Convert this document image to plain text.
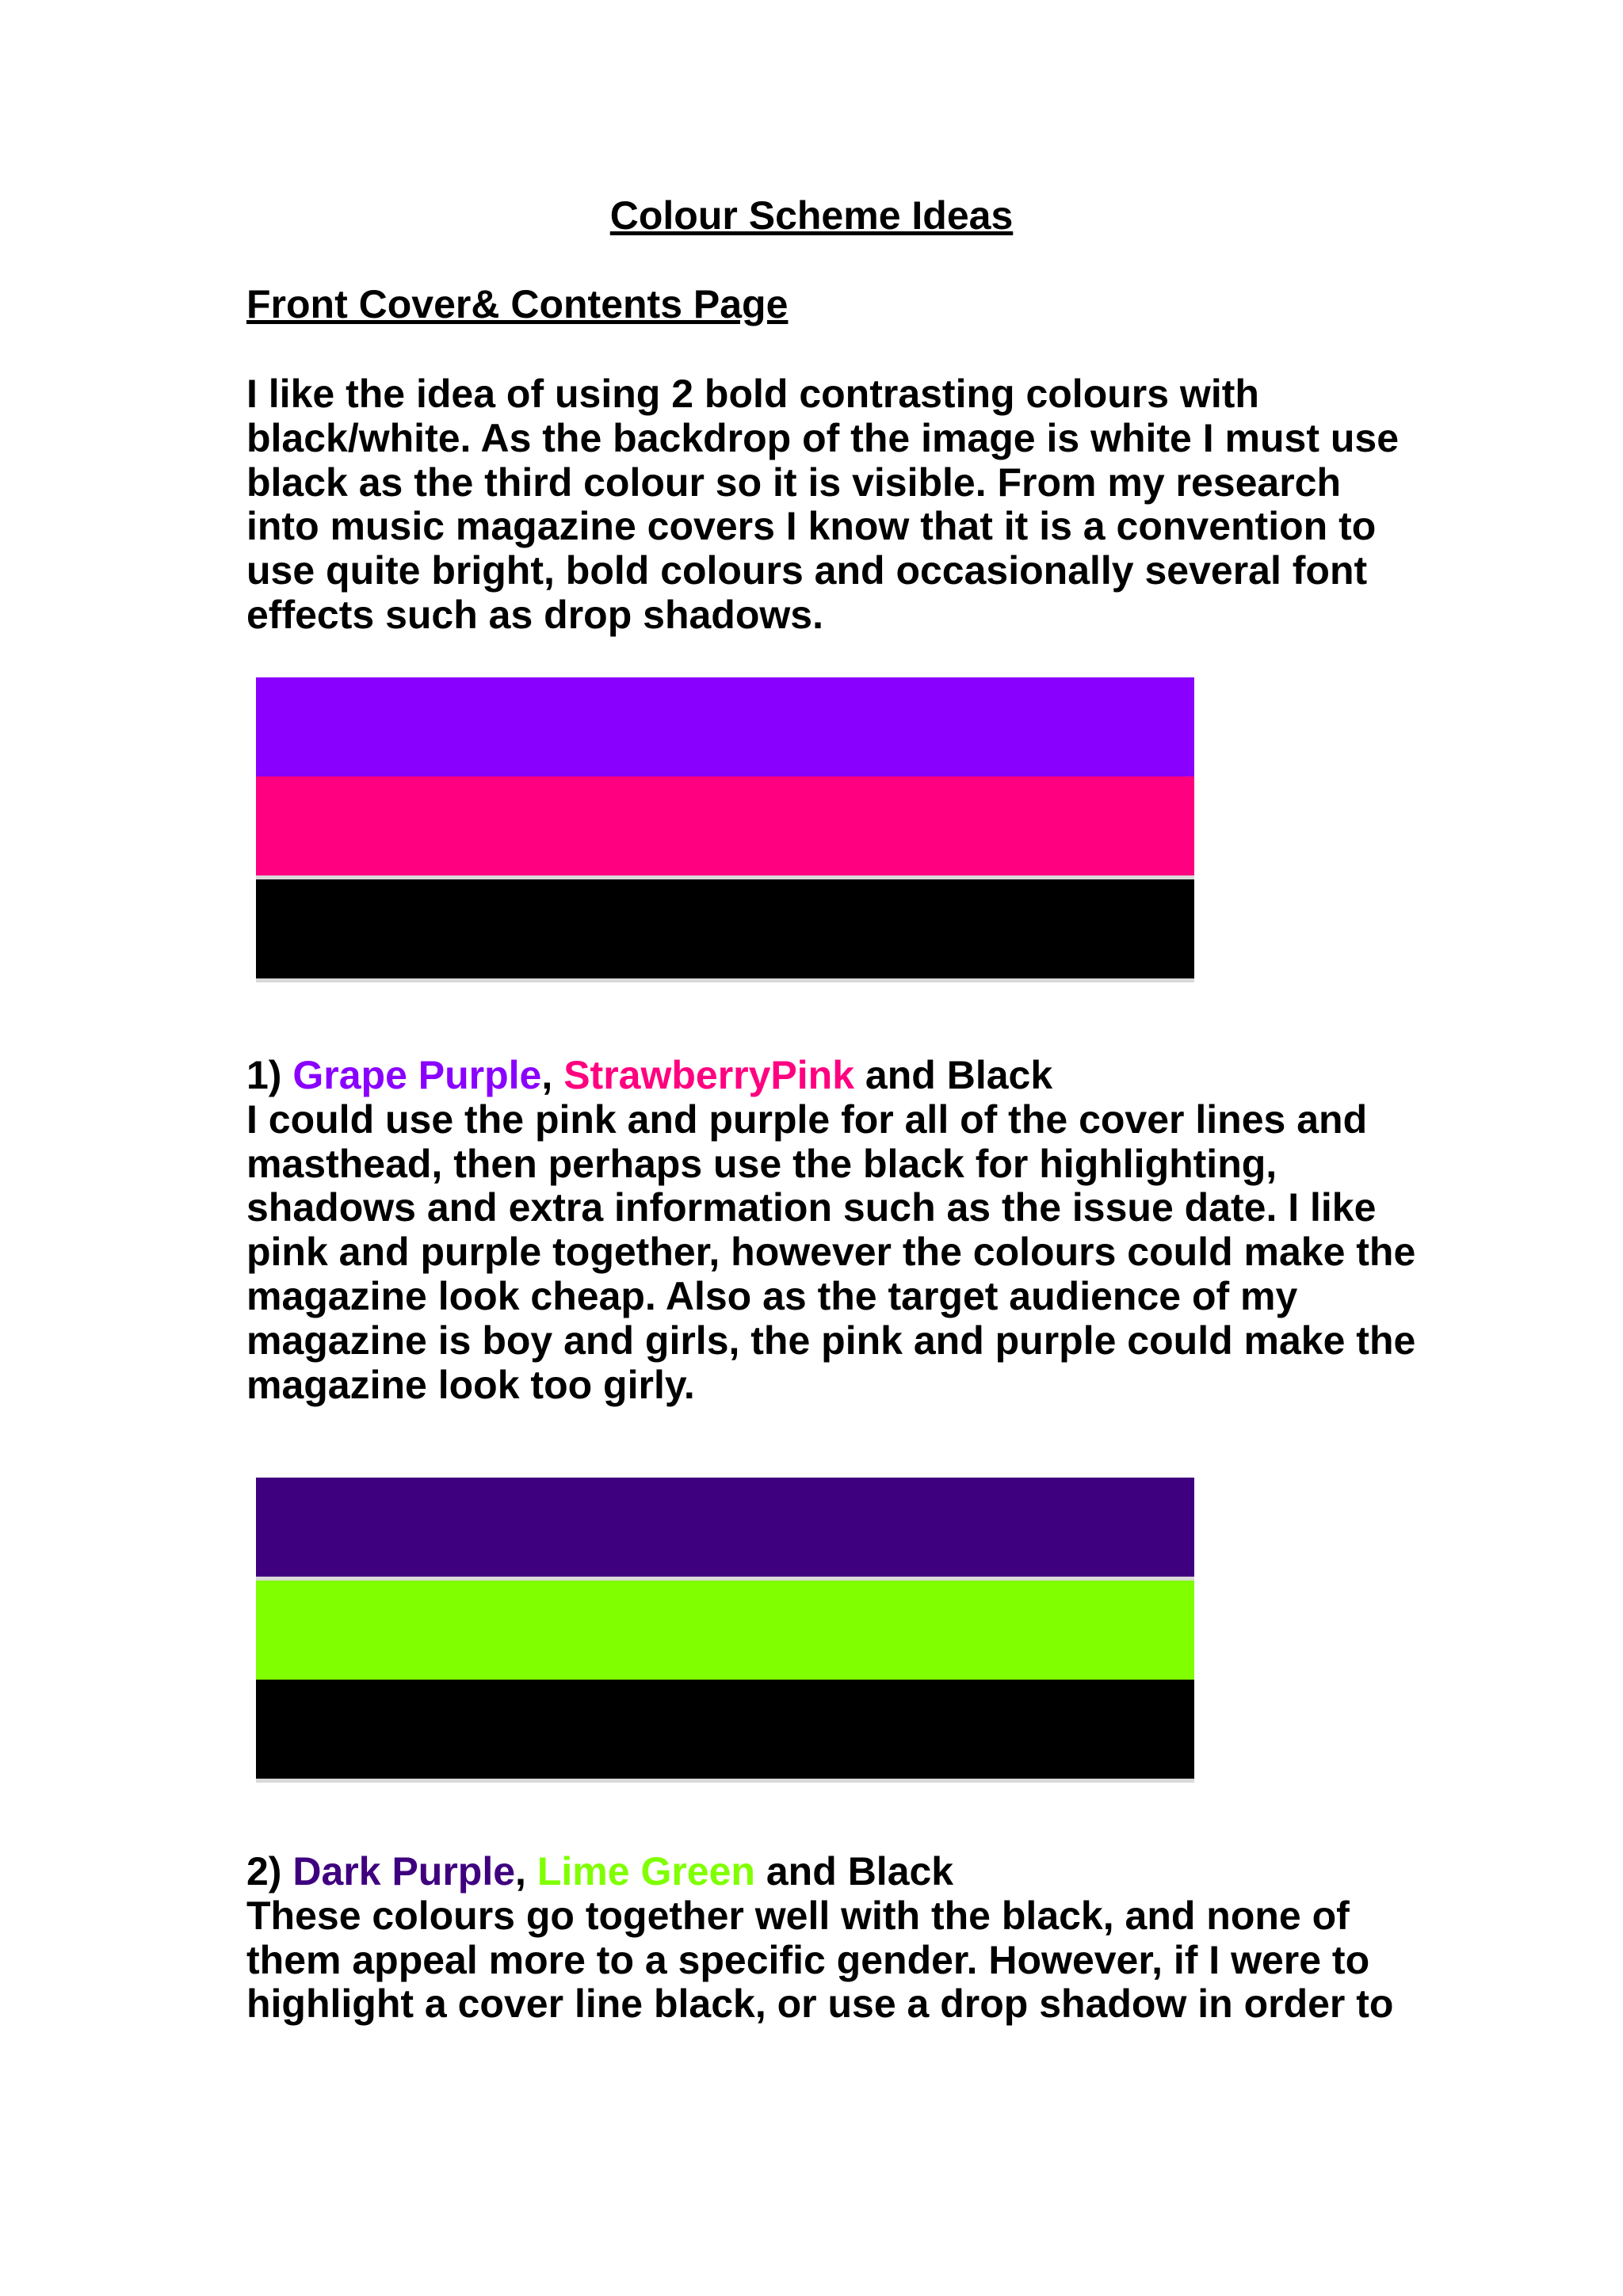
Colour Scheme Ideas
Front Cover& Contents Page

I like the idea of using 2 bold contrasting colours with
black/white. As the backdrop of the image is white I must use
black as the third colour so it is visible. From my research
into music magazine covers I know that it is a convention to
use quite bright, bold colours and occasionally several font
effects such as drop shadows.

1) Grape Purple, StrawberryPink and Black
I could use the pink and purple for all of the cover lines and
masthead, then perhaps use the black for highlighting,
shadows and extra information such as the issue date. I like
pink and purple together, however the colours could make the
magazine look cheap. Also as the target audience of my
magazine is boy and girls, the pink and purple could make the
magazine look too girly.

2) Dark Purple, Lime Green and Black
These colours go together well with the black, and none of
them appeal more to a specific gender. However, if I were to
highlight a cover line black, or use a drop shadow in order to
